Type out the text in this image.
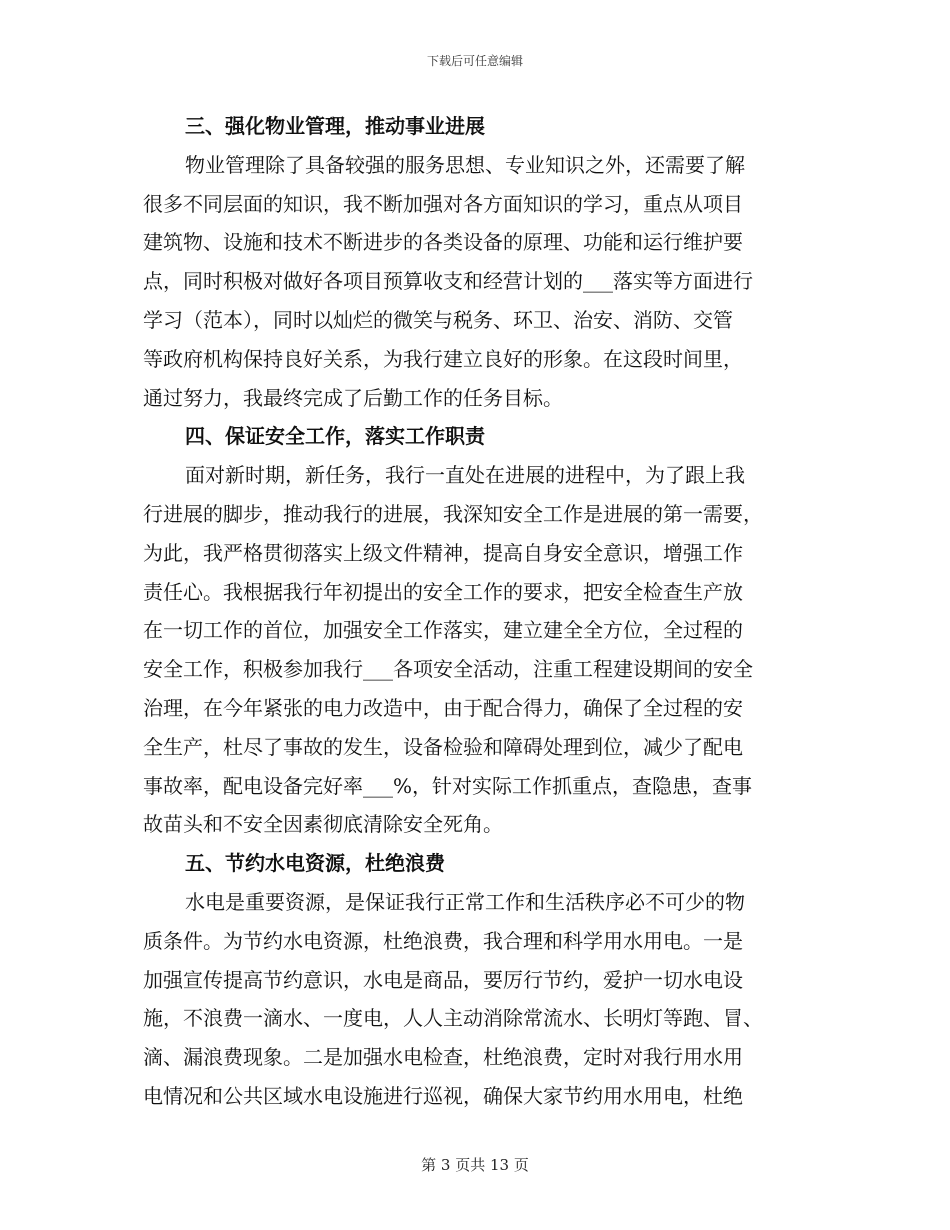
下载后可任意编辑
三、强化物业管理，推动事业进展
物业管理除了具备较强的服务思想、专业知识之外，还需要了解
很多不同层面的知识，我不断加强对各方面知识的学习，重点从项目
建筑物、设施和技术不断进步的各类设备的原理、功能和运行维护要
点，同时积极对做好各项目预算收支和经营计划的___落实等方面进行
学习（范本），同时以灿烂的微笑与税务、环卫、治安、消防、交管
等政府机构保持良好关系，为我行建立良好的形象。在这段时间里，
通过努力，我最终完成了后勤工作的任务目标。
四、保证安全工作，落实工作职责
面对新时期，新任务，我行一直处在进展的进程中，为了跟上我
行进展的脚步，推动我行的进展，我深知安全工作是进展的第一需要，
为此，我严格贯彻落实上级文件精神，提高自身安全意识，增强工作
责任心。我根据我行年初提出的安全工作的要求，把安全检查生产放
在一切工作的首位，加强安全工作落实，建立建全全方位，全过程的
安全工作，积极参加我行___各项安全活动，注重工程建设期间的安全
治理，在今年紧张的电力改造中，由于配合得力，确保了全过程的安
全生产，杜尽了事故的发生，设备检验和障碍处理到位，减少了配电
事故率，配电设备完好率___%，针对实际工作抓重点，查隐患，查事
故苗头和不安全因素彻底清除安全死角。
五、节约水电资源，杜绝浪费
水电是重要资源，是保证我行正常工作和生活秩序必不可少的物
质条件。为节约水电资源，杜绝浪费，我合理和科学用水用电。一是
加强宣传提高节约意识，水电是商品，要厉行节约，爱护一切水电设
施，不浪费一滴水、一度电，人人主动消除常流水、长明灯等跑、冒、
滴、漏浪费现象。二是加强水电检查，杜绝浪费，定时对我行用水用
电情况和公共区域水电设施进行巡视，确保大家节约用水用电，杜绝
第 3 页共 13 页
